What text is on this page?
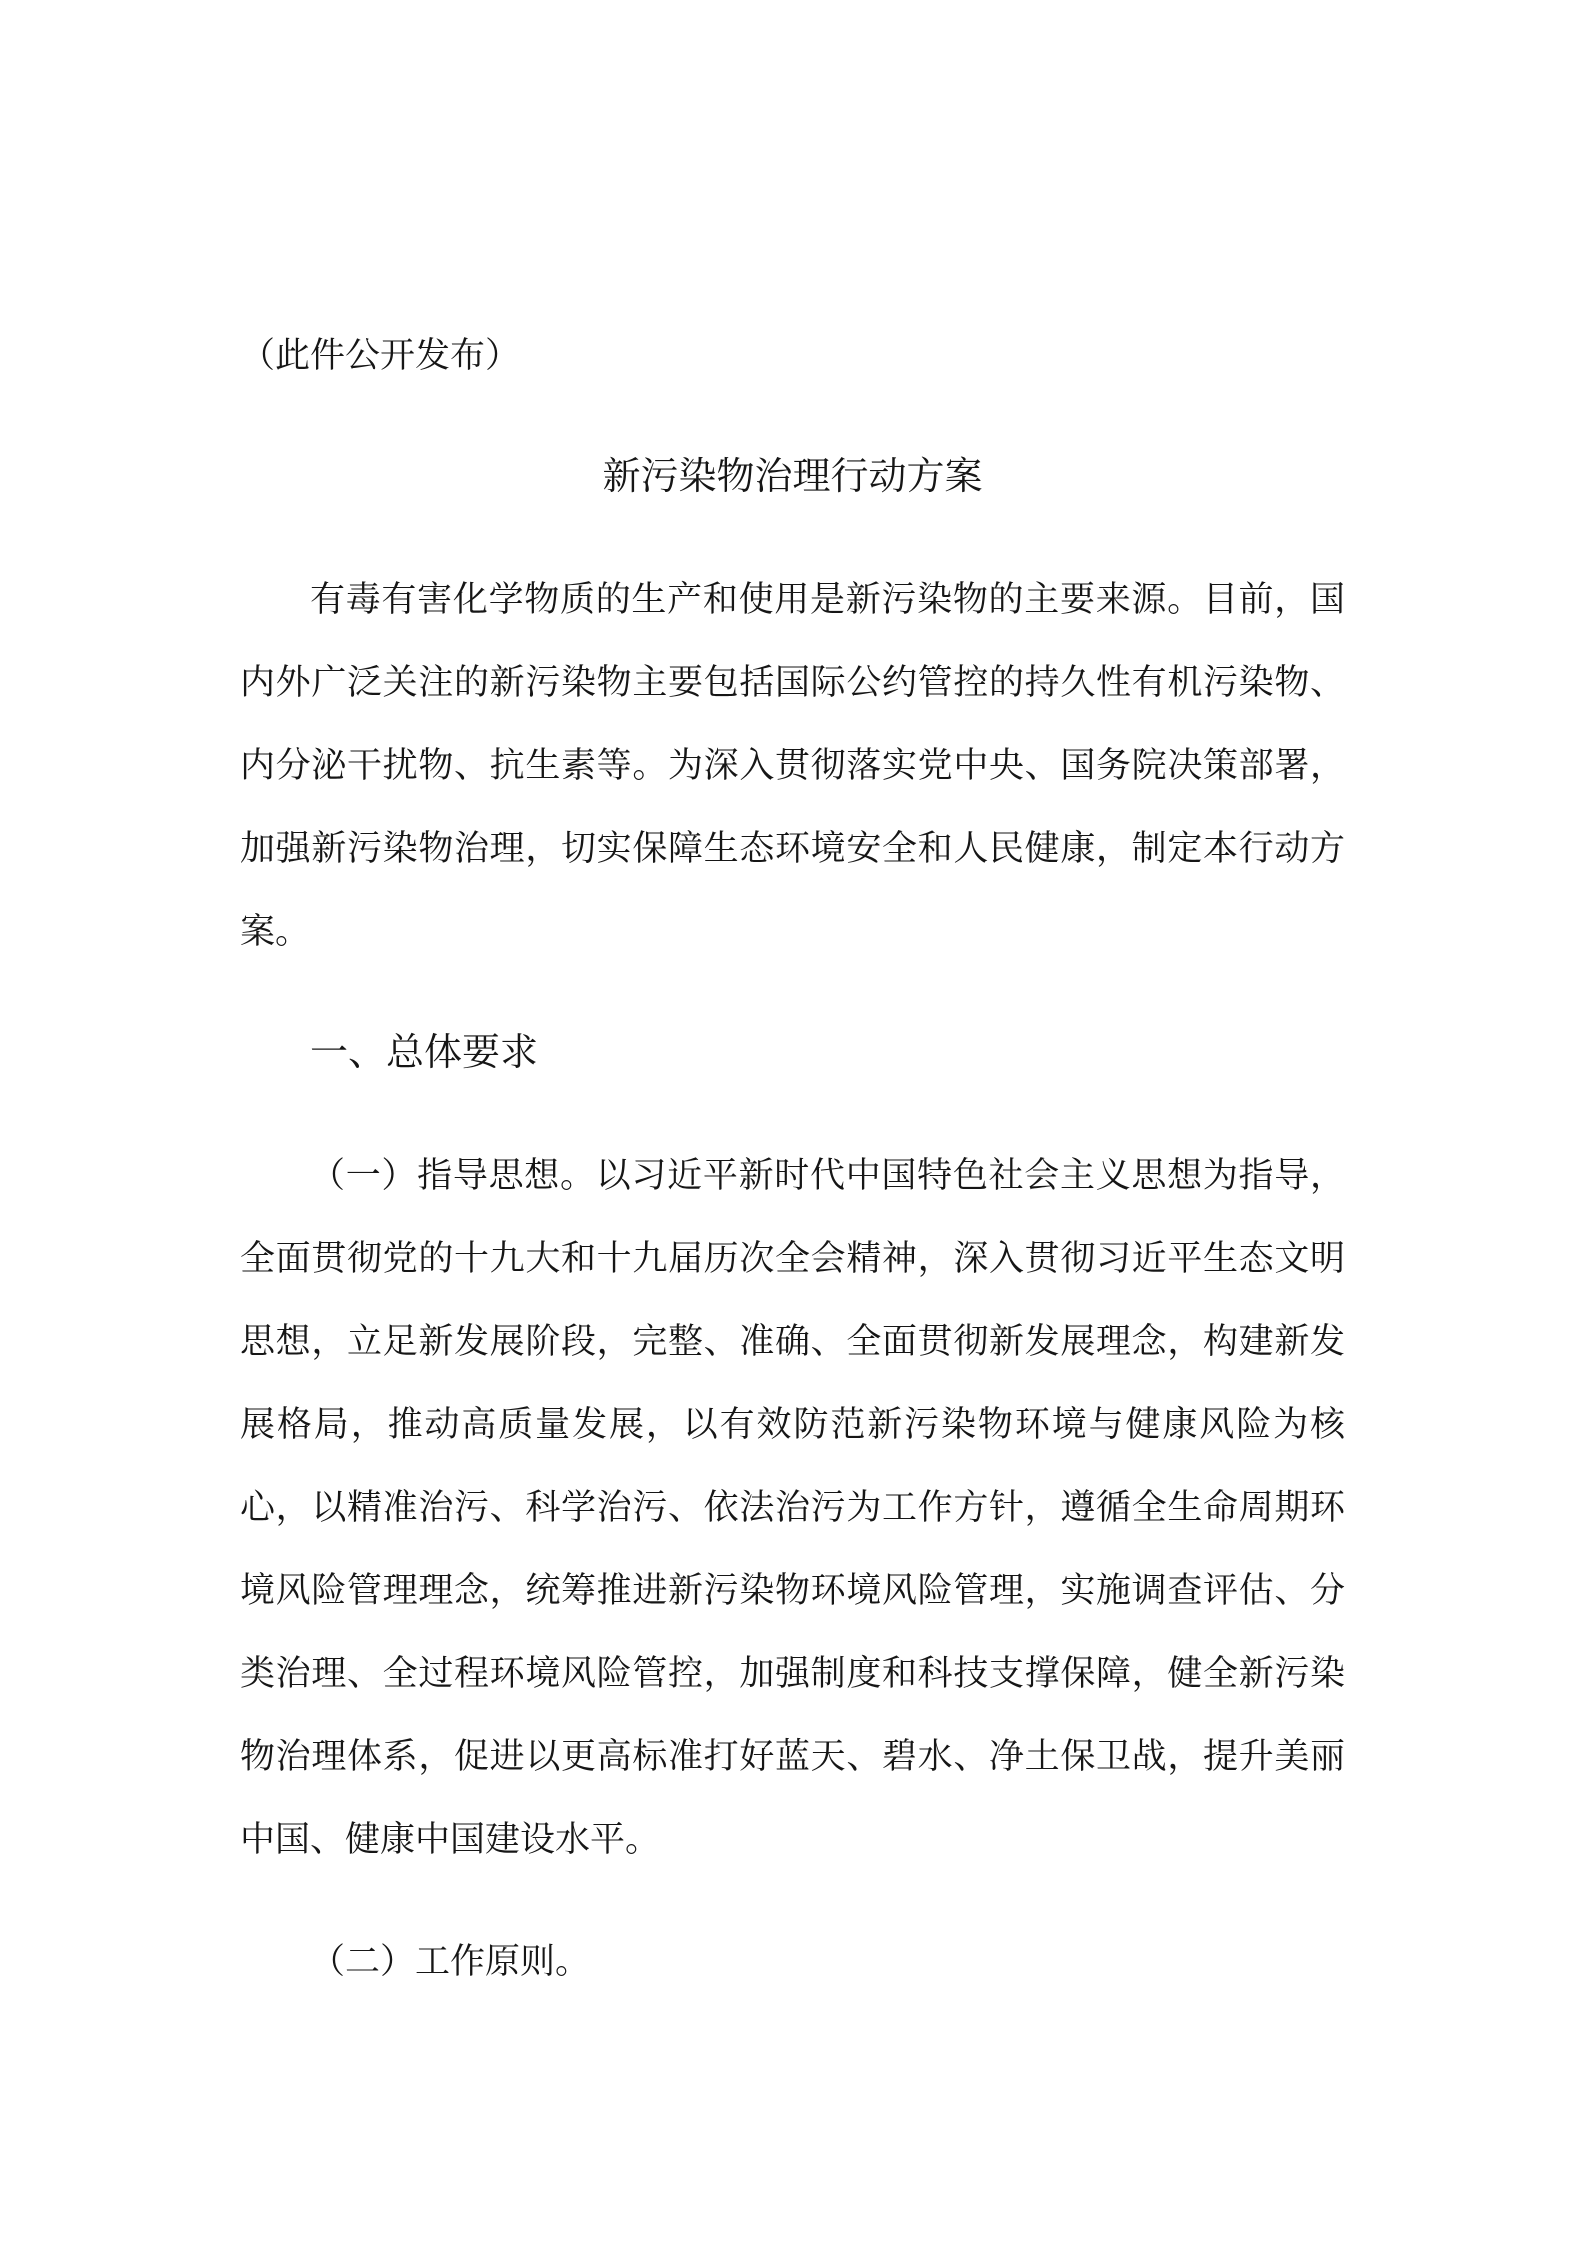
（此件公开发布）

新污染物治理行动方案

有毒有害化学物质的生产和使用是新污染物的主要来源。目前，国内外广泛关注的新污染物主要包括国际公约管控的持久性有机污染物、内分泌干扰物、抗生素等。为深入贯彻落实党中央、国务院决策部署，加强新污染物治理，切实保障生态环境安全和人民健康，制定本行动方案。

一、总体要求

（一）指导思想。以习近平新时代中国特色社会主义思想为指导，全面贯彻党的十九大和十九届历次全会精神，深入贯彻习近平生态文明思想，立足新发展阶段，完整、准确、全面贯彻新发展理念，构建新发展格局，推动高质量发展，以有效防范新污染物环境与健康风险为核心，以精准治污、科学治污、依法治污为工作方针，遵循全生命周期环境风险管理理念，统筹推进新污染物环境风险管理，实施调查评估、分类治理、全过程环境风险管控，加强制度和科技支撑保障，健全新污染物治理体系，促进以更高标准打好蓝天、碧水、净土保卫战，提升美丽中国、健康中国建设水平。

（二）工作原则。
